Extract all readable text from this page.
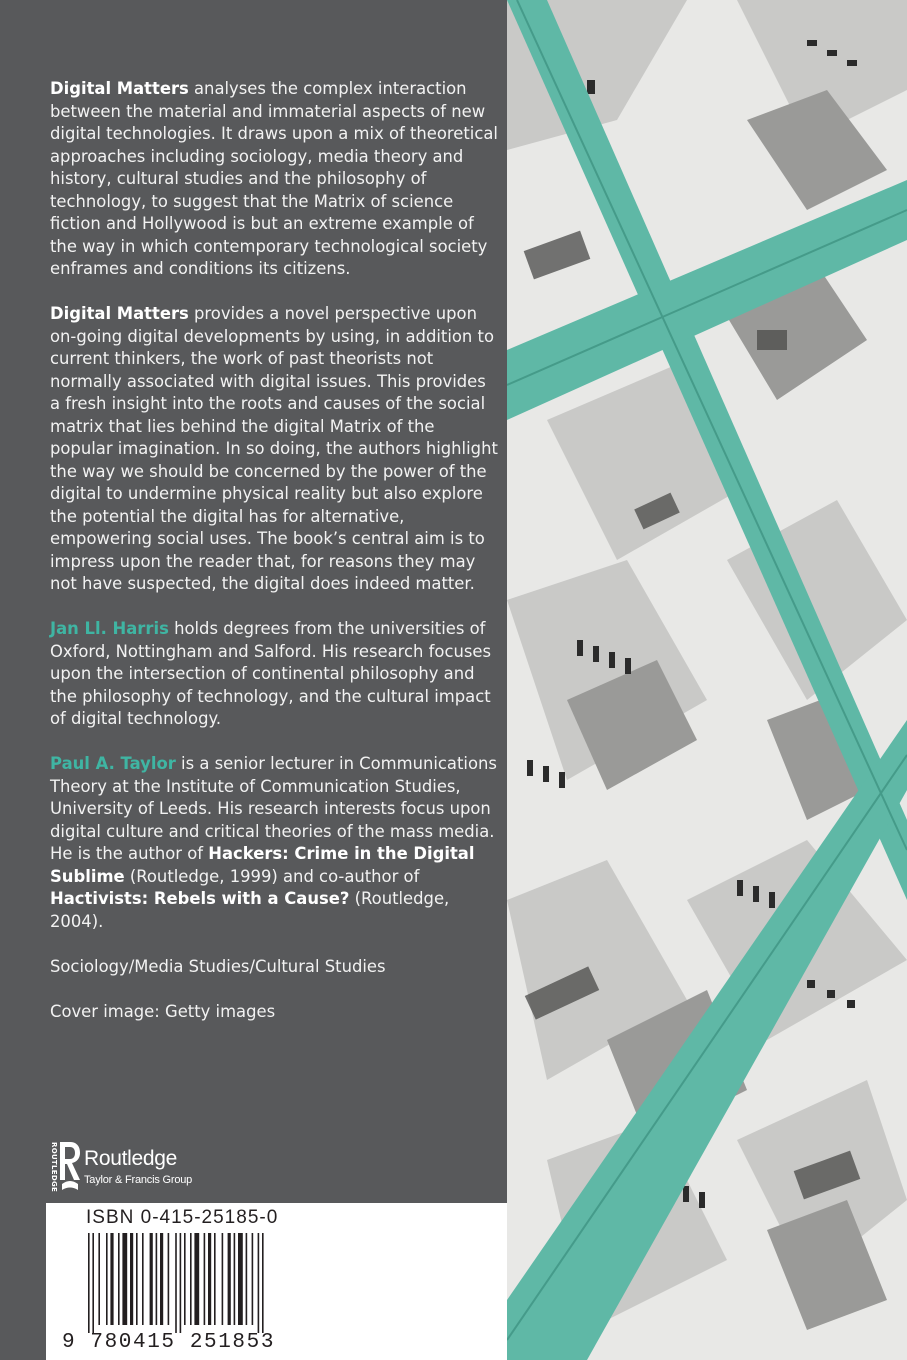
Digital Matters analyses the complex interaction between the material and immaterial aspects of new digital technologies. It draws upon a mix of theoretical approaches including sociology, media theory and history, cultural studies and the philosophy of technology, to suggest that the Matrix of science fiction and Hollywood is but an extreme example of the way in which contemporary technological society enframes and conditions its citizens.

Digital Matters provides a novel perspective upon on-going digital developments by using, in addition to current thinkers, the work of past theorists not normally associated with digital issues. This provides a fresh insight into the roots and causes of the social matrix that lies behind the digital Matrix of the popular imagination. In so doing, the authors highlight the way we should be concerned by the power of the digital to undermine physical reality but also explore the potential the digital has for alternative, empowering social uses. The book’s central aim is to impress upon the reader that, for reasons they may not have suspected, the digital does indeed matter.

Jan Ll. Harris holds degrees from the universities of Oxford, Nottingham and Salford. His research focuses upon the intersection of continental philosophy and the philosophy of technology, and the cultural impact of digital technology.

Paul A. Taylor is a senior lecturer in Communications Theory at the Institute of Communication Studies, University of Leeds. His research interests focus upon digital culture and critical theories of the mass media. He is the author of Hackers: Crime in the Digital Sublime (Routledge, 1999) and co-author of Hactivists: Rebels with a Cause? (Routledge, 2004).

Sociology/Media Studies/Cultural Studies

Cover image: Getty images

ROUTLEDGE Routledge
Taylor & Francis Group
ISBN 0-415-25185-0
9 780415 251853
